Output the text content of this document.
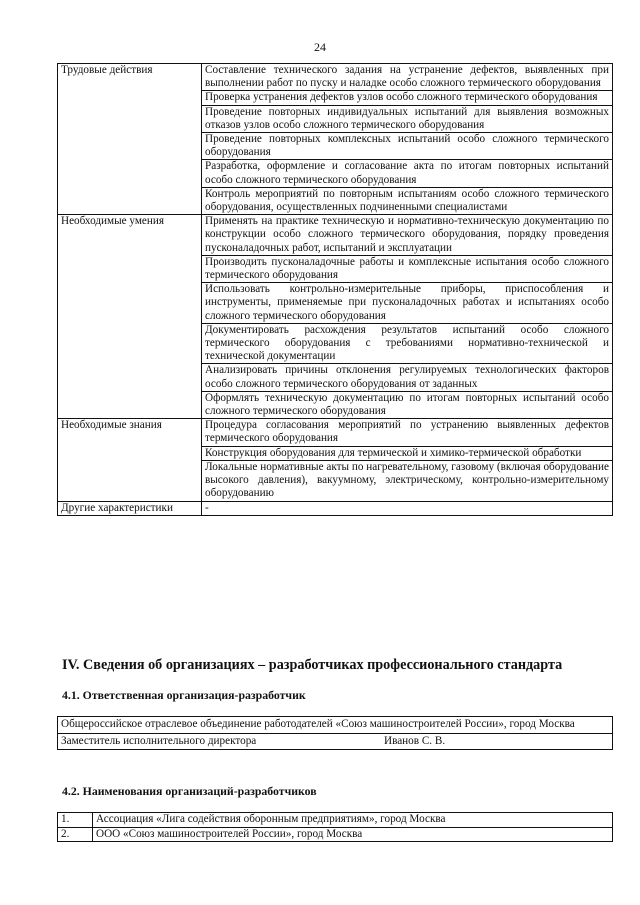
24
Трудовые действия	Составление технического задания на устранение дефектов, выявленных при выполнении работ по пуску и наладке особо сложного термического оборудования
	Проверка устранения дефектов узлов особо сложного термического оборудования
	Проведение повторных индивидуальных испытаний для выявления возможных отказов узлов особо сложного термического оборудования
	Проведение повторных комплексных испытаний особо сложного термического оборудования
	Разработка, оформление и согласование акта по итогам повторных испытаний особо сложного термического оборудования
	Контроль мероприятий по повторным испытаниям особо сложного термического оборудования, осуществленных подчиненными специалистами
Необходимые умения	Применять на практике техническую и нормативно-техническую документацию по конструкции особо сложного термического оборудования, порядку проведения пусконаладочных работ, испытаний и эксплуатации
	Производить пусконаладочные работы и комплексные испытания особо сложного термического оборудования
	Использовать контрольно-измерительные приборы, приспособления и инструменты, применяемые при пусконаладочных работах и испытаниях особо сложного термического оборудования
	Документировать расхождения результатов испытаний особо сложного термического оборудования с требованиями нормативно-технической и технической документации
	Анализировать причины отклонения регулируемых технологических факторов особо сложного термического оборудования от заданных
	Оформлять техническую документацию по итогам повторных испытаний особо сложного термического оборудования
Необходимые знания	Процедура согласования мероприятий по устранению выявленных дефектов термического оборудования
	Конструкция оборудования для термической и химико-термической обработки
	Локальные нормативные акты по нагревательному, газовому (включая оборудование высокого давления), вакуумному, электрическому, контрольно-измерительному оборудованию
Другие характеристики	-
IV. Сведения об организациях – разработчиках профессионального стандарта
4.1. Ответственная организация-разработчик
Общероссийское отраслевое объединение работодателей «Союз машиностроителей России», город Москва
Заместитель исполнительного директора	Иванов С. В.
4.2. Наименования организаций-разработчиков
1.	Ассоциация «Лига содействия оборонным предприятиям», город Москва
2.	ООО «Союз машиностроителей России», город Москва
